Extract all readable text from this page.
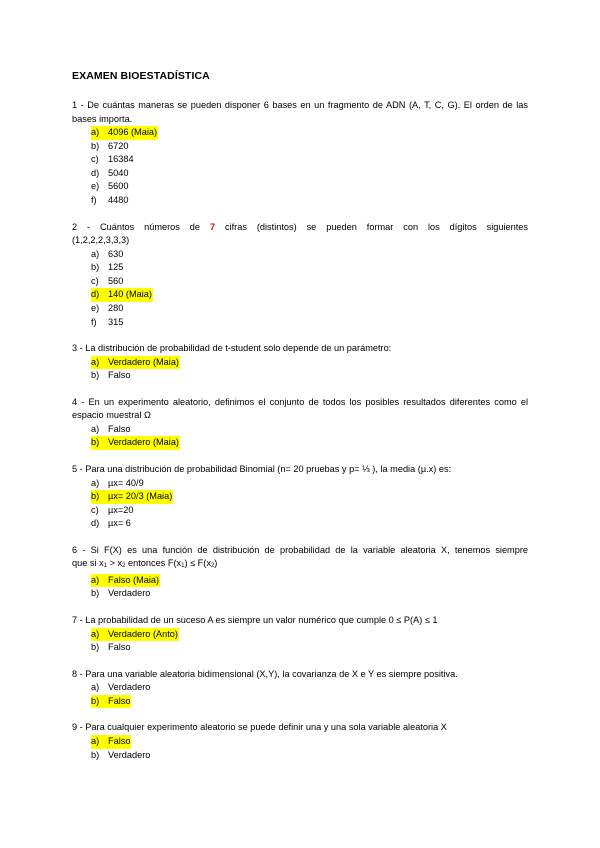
EXAMEN BIOESTADÍSTICA
1 - De cuántas maneras se pueden disponer 6 bases en un fragmento de ADN (A, T, C, G). El orden de las bases importa.
a) 4096 (Maia)
b) 6720
c) 16384
d) 5040
e) 5600
f) 4480
2 - Cuántos números de 7 cifras (distintos) se pueden formar con los dígitos siguientes
(1,2,2,2,3,3,3)
a) 630
b) 125
c) 560
d) 140 (Maia)
e) 280
f) 315
3 - La distribución de probabilidad de t-student solo depende de un parámetro:
a) Verdadero (Maia)
b) Falso
4 - En un experimento aleatorio, definimos el conjunto de todos los posibles resultados diferentes como el espacio muestral Ω
a) Falso
b) Verdadero (Maia)
5 - Para una distribución de probabilidad Binomial (n= 20 pruebas y p= ⅓ ), la media (µ.x) es:
a) µx= 40/9
b) µx= 20/3 (Maia)
c) µx=20
d) µx= 6
6 - Si F(X) es una función de distribución de probabilidad de la variable aleatoria X, tenemos siempre
que si $x_1 > x_2$ entonces $F(x_1) \le F(x_2)$
a) Falso (Maia)
b) Verdadero
7 - La probabilidad de un suceso A es siempre un valor numérico que cumple 0 ≤ P(A) ≤ 1
a) Verdadero (Anto)
b) Falso
8 - Para una variable aleatoria bidimensional (X,Y), la covarianza de X e Y es siempre positiva.
a) Verdadero
b) Falso
9 - Para cualquier experimento aleatorio se puede definir una y una sola variable aleatoria X
a) Falso
b) Verdadero
